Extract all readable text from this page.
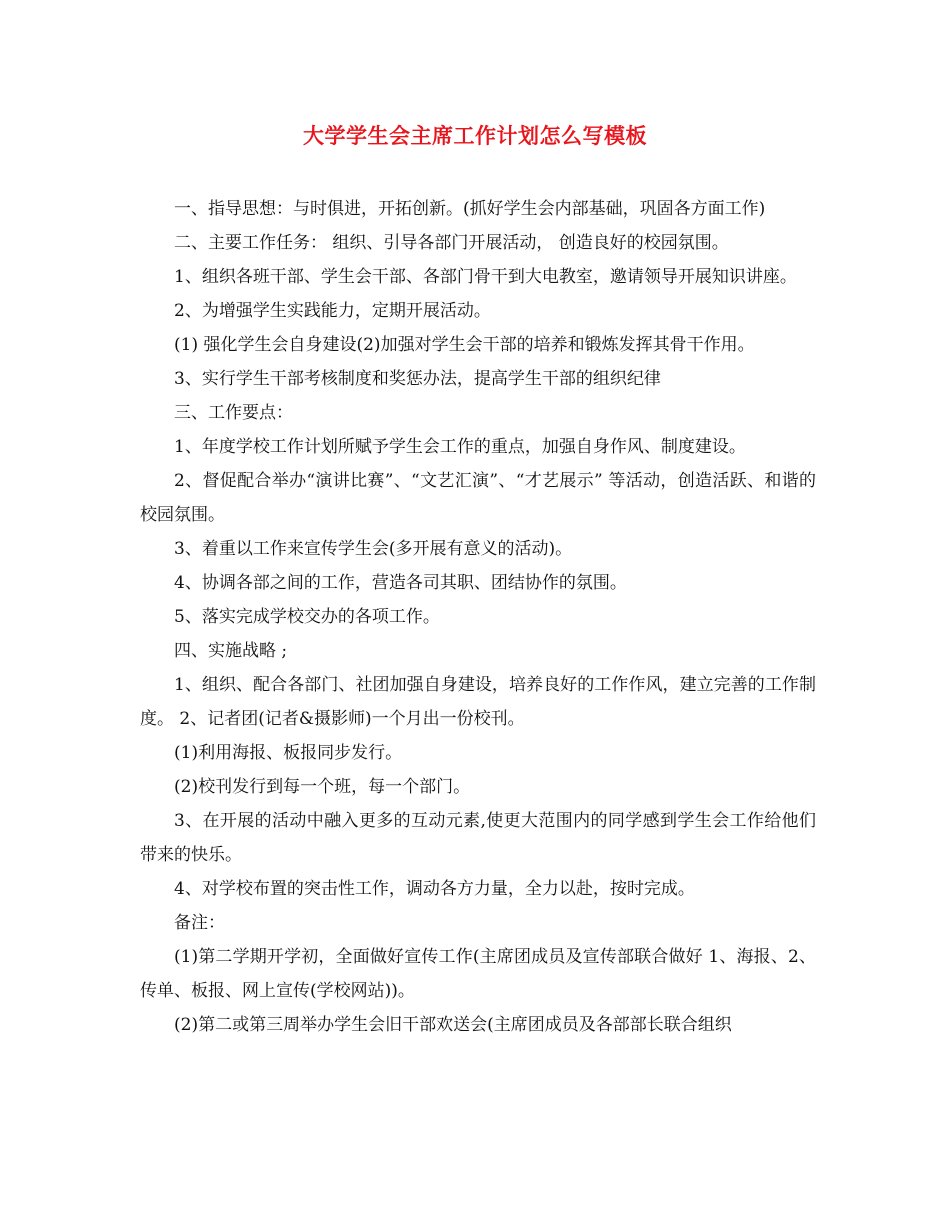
大学学生会主席工作计划怎么写模板

一、指导思想：与时俱进，开拓创新。(抓好学生会内部基础，巩固各方面工作)

二、主要工作任务： 组织、引导各部门开展活动， 创造良好的校园氛围。

1、组织各班干部、学生会干部、各部门骨干到大电教室，邀请领导开展知识讲座。

2、为增强学生实践能力，定期开展活动。

(1) 强化学生会自身建设(2)加强对学生会干部的培养和锻炼发挥其骨干作用。

3、实行学生干部考核制度和奖惩办法，提高学生干部的组织纪律

三、工作要点：

1、年度学校工作计划所赋予学生会工作的重点，加强自身作风、制度建设。

2、督促配合举办“演讲比赛”、“文艺汇演”、“才艺展示” 等活动，创造活跃、和谐的校园氛围。

3、着重以工作来宣传学生会(多开展有意义的活动)。

4、协调各部之间的工作，营造各司其职、团结协作的氛围。

5、落实完成学校交办的各项工作。

四、实施战略 ;

1、组织、配合各部门、社团加强自身建设，培养良好的工作作风，建立完善的工作制度。 2、记者团(记者&摄影师)一个月出一份校刊。

(1)利用海报、板报同步发行。

(2)校刊发行到每一个班，每一个部门。

3、在开展的活动中融入更多的互动元素,使更大范围内的同学感到学生会工作给他们带来的快乐。

4、对学校布置的突击性工作，调动各方力量，全力以赴，按时完成。

备注：

(1)第二学期开学初，全面做好宣传工作(主席团成员及宣传部联合做好 1、海报、2、传单、板报、网上宣传(学校网站))。

(2)第二或第三周举办学生会旧干部欢送会(主席团成员及各部部长联合组织
